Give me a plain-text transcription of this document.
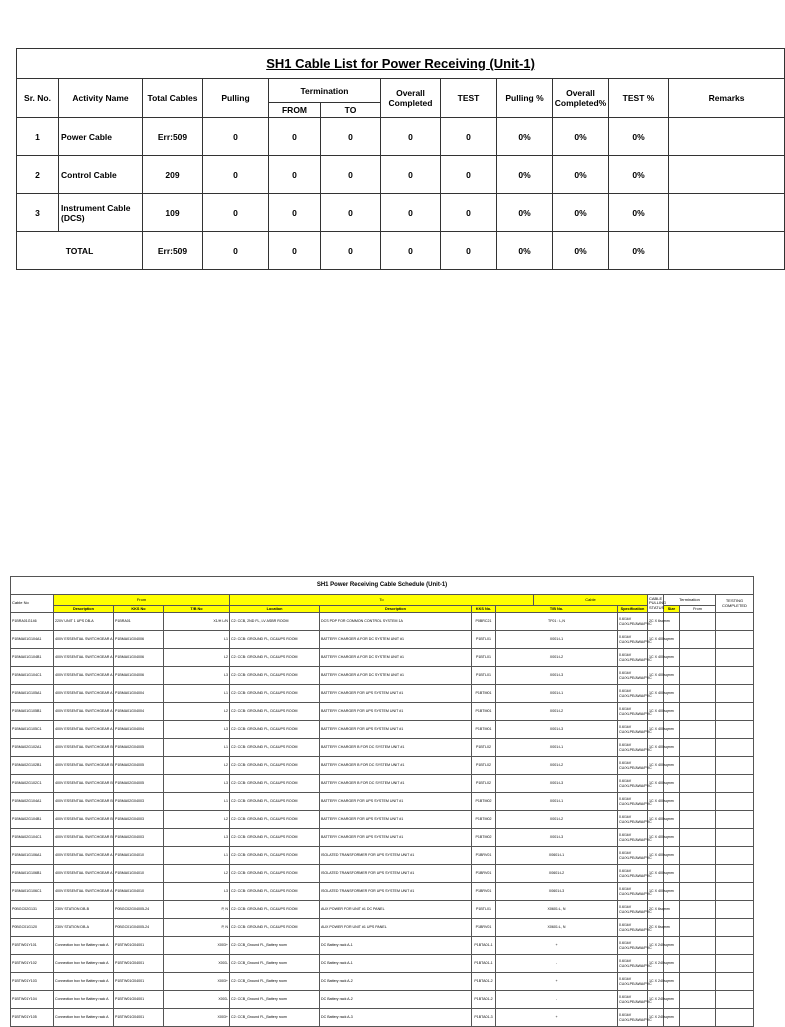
SH1 Cable List for Power Receiving (Unit-1)											
Sr. No.	Activity Name	Total Cables	Pulling	Termination		Overall Completed	TEST	Pulling %	Overall Completed%	TEST %	Remarks
				FROM	TO						
1	Power Cable	Err:509	0	0	0	0	0	0%	0%	0%	
2	Control Cable	209	0	0	0	0	0	0%	0%	0%	
3	Instrument Cable (DCS)	109	0	0	0	0	0	0%	0%	0%	
TOTAL		Err:509	0	0	0	0	0	0%	0%	0%	
SH1 Power Receiving Cable Schedule (Unit-1)														
Cable No	From			To				Cable		CABLE PULLING STATUS	Termination		TESTING COMPLETED	
	Description	KKS No	T/B No	Location	Description	KKS No.	T/B No.		Specification		Size	From	
P1BRA01G146	220V UNIT 1 UPS DB-A	P1BRA01	X1/H L/N	C2: CCB, 2ND FL, LV ASBR ROOM	DCS PDP FOR COMMON CONTROL SYSTEM 1A	P0BRC21	TF01 : L,N		0.6/1kV CU/XLPE/AWA/PVC	2C X 6sqmm					
P1BMA01G104A1	400V ESSENTIAL SWITCHGEAR A	P1BMA01G04006	L1	C2: CCB: GROUND FL, DC&UPS ROOM	BATTERY CHARGER A FOR DC SYSTEM UNIT #1	P1BTL01	X001:L1		0.6/1kV CU/XLPE/AWA/PVC	1C X 400sqmm					
P1BMA01G104B1	400V ESSENTIAL SWITCHGEAR A	P1BMA01G04006	L2	C2: CCB: GROUND FL, DC&UPS ROOM	BATTERY CHARGER A FOR DC SYSTEM UNIT #1	P1BTL01	X001:L2		0.6/1kV CU/XLPE/AWA/PVC	1C X 400sqmm					
P1BMA01G104C1	400V ESSENTIAL SWITCHGEAR A	P1BMA01G04006	L3	C2: CCB: GROUND FL, DC&UPS ROOM	BATTERY CHARGER A FOR DC SYSTEM UNIT #1	P1BTL01	X001:L3		0.6/1kV CU/XLPE/AWA/PVC	1C X 400sqmm					
P1BMA01G105A1	400V ESSENTIAL SWITCHGEAR A	P1BMA01G04004	L1	C2: CCB: GROUND FL, DC&UPS ROOM	BATTERY CHARGER FOR UPS SYSTEM UNIT #1	P1BTM01	X001:L1		0.6/1kV CU/XLPE/AWA/PVC	1C X 400sqmm					
P1BMA01G105B1	400V ESSENTIAL SWITCHGEAR A	P1BMA01G04004	L2	C2: CCB: GROUND FL, DC&UPS ROOM	BATTERY CHARGER FOR UPS SYSTEM UNIT #1	P1BTM01	X001:L2		0.6/1kV CU/XLPE/AWA/PVC	1C X 400sqmm					
P1BMA01G105C1	400V ESSENTIAL SWITCHGEAR A	P1BMA01G04004	L3	C2: CCB: GROUND FL, DC&UPS ROOM	BATTERY CHARGER FOR UPS SYSTEM UNIT #1	P1BTM01	X001:L3		0.6/1kV CU/XLPE/AWA/PVC	1C X 400sqmm					
P1BMA02G102A1	400V ESSENTIAL SWITCHGEAR B	P1BMA02G04005	L1	C2: CCB: GROUND FL, DC&UPS ROOM	BATTERY CHARGER B FOR DC SYSTEM UNIT #1	P1BTL02	X001:L1		0.6/1kV CU/XLPE/AWA/PVC	1C X 400sqmm					
P1BMA02G102B1	400V ESSENTIAL SWITCHGEAR B	P1BMA02G04005	L2	C2: CCB: GROUND FL, DC&UPS ROOM	BATTERY CHARGER B FOR DC SYSTEM UNIT #1	P1BTL02	X001:L2		0.6/1kV CU/XLPE/AWA/PVC	1C X 400sqmm					
P1BMA02G102C1	400V ESSENTIAL SWITCHGEAR B	P1BMA02G04005	L3	C2: CCB: GROUND FL, DC&UPS ROOM	BATTERY CHARGER B FOR DC SYSTEM UNIT #1	P1BTL02	X001:L3		0.6/1kV CU/XLPE/AWA/PVC	1C X 400sqmm					
P1BMA02G104A1	400V ESSENTIAL SWITCHGEAR B	P1BMA02G04003	L1	C2: CCB: GROUND FL, DC&UPS ROOM	BATTERY CHARGER FOR UPS SYSTEM UNIT #1	P1BTM02	X001:L1		0.6/1kV CU/XLPE/AWA/PVC	1C X 400sqmm					
P1BMA02G104B1	400V ESSENTIAL SWITCHGEAR B	P1BMA02G04003	L2	C2: CCB: GROUND FL, DC&UPS ROOM	BATTERY CHARGER FOR UPS SYSTEM UNIT #1	P1BTM02	X001:L2		0.6/1kV CU/XLPE/AWA/PVC	1C X 400sqmm					
P1BMA02G104C1	400V ESSENTIAL SWITCHGEAR B	P1BMA02G04003	L3	C2: CCB: GROUND FL, DC&UPS ROOM	BATTERY CHARGER FOR UPS SYSTEM UNIT #1	P1BTM02	X001:L3		0.6/1kV CU/XLPE/AWA/PVC	1C X 400sqmm					
P1BMA01G106A1	400V ESSENTIAL SWITCHGEAR A	P1BMA01G04010	L1	C2: CCB: GROUND FL, DC&UPS ROOM	ISOLATED TRANSFORMER FOR UPS SYSTEM UNIT #1	P1BRV01	X0601:L1		0.6/1kV CU/XLPE/AWA/PVC	1C X 400sqmm					
P1BMA01G106B1	400V ESSENTIAL SWITCHGEAR A	P1BMA01G04010	L2	C2: CCB: GROUND FL, DC&UPS ROOM	ISOLATED TRANSFORMER FOR UPS SYSTEM UNIT #1	P1BRV01	X0601:L2		0.6/1kV CU/XLPE/AWA/PVC	1C X 400sqmm					
P1BMA01G106C1	400V ESSENTIAL SWITCHGEAR A	P1BMA01G04010	L3	C2: CCB: GROUND FL, DC&UPS ROOM	ISOLATED TRANSFORMER FOR UPS SYSTEM UNIT #1	P1BRV01	X0601:L3		0.6/1kV CU/XLPE/AWA/PVC	1C X 400sqmm					
P0BGC02G131	230V STATION DB-B	P0BGC02G04005-24	P, N	C2: CCB: GROUND FL, DC&UPS ROOM	AUX POWER FOR UNIT #1 DC PANEL	P1BTL01	X0601:L, N		0.6/1kV CU/XLPE/AWA/PVC	2C X 6sqmm					
P0BGC01G120	230V STATION DB-A	P0BGC01G04005-24	P, N	C2: CCB: GROUND FL, DC&UPS ROOM	AUX POWER FOR UNIT #1 UPS PANEL	P1BRV01	X0601:L, N		0.6/1kV CU/XLPE/AWA/PVC	2C X 6sqmm					
P1BTW01Y101	Connection box for Battery rack A	P1BTW01G04001	X003+	C2: CCB_Ground FL_Battery room	DC Battery rack A-1	P1BTA01-1	+		0.6/1kV CU/XLPE/AWA/PVC	1C X 240sqmm					
P1BTW01Y102	Connection box for Battery rack A	P1BTW01G04001	X003-	C2: CCB_Ground FL_Battery room	DC Battery rack A-1	P1BTA01-1	-		0.6/1kV CU/XLPE/AWA/PVC	1C X 240sqmm					
P1BTW01Y103	Connection box for Battery rack A	P1BTW01G04001	X003+	C2: CCB_Ground FL_Battery room	DC Battery rack A-2	P1BTA01-2	+		0.6/1kV CU/XLPE/AWA/PVC	1C X 240sqmm					
P1BTW01Y104	Connection box for Battery rack A	P1BTW01G04001	X003-	C2: CCB_Ground FL_Battery room	DC Battery rack A-2	P1BTA01-2	-		0.6/1kV CU/XLPE/AWA/PVC	1C X 240sqmm					
P1BTW01Y105	Connection box for Battery rack A	P1BTW01G04001	X003+	C2: CCB_Ground FL_Battery room	DC Battery rack A-3	P1BTA01-3	+		0.6/1kV CU/XLPE/AWA/PVC	1C X 240sqmm					
